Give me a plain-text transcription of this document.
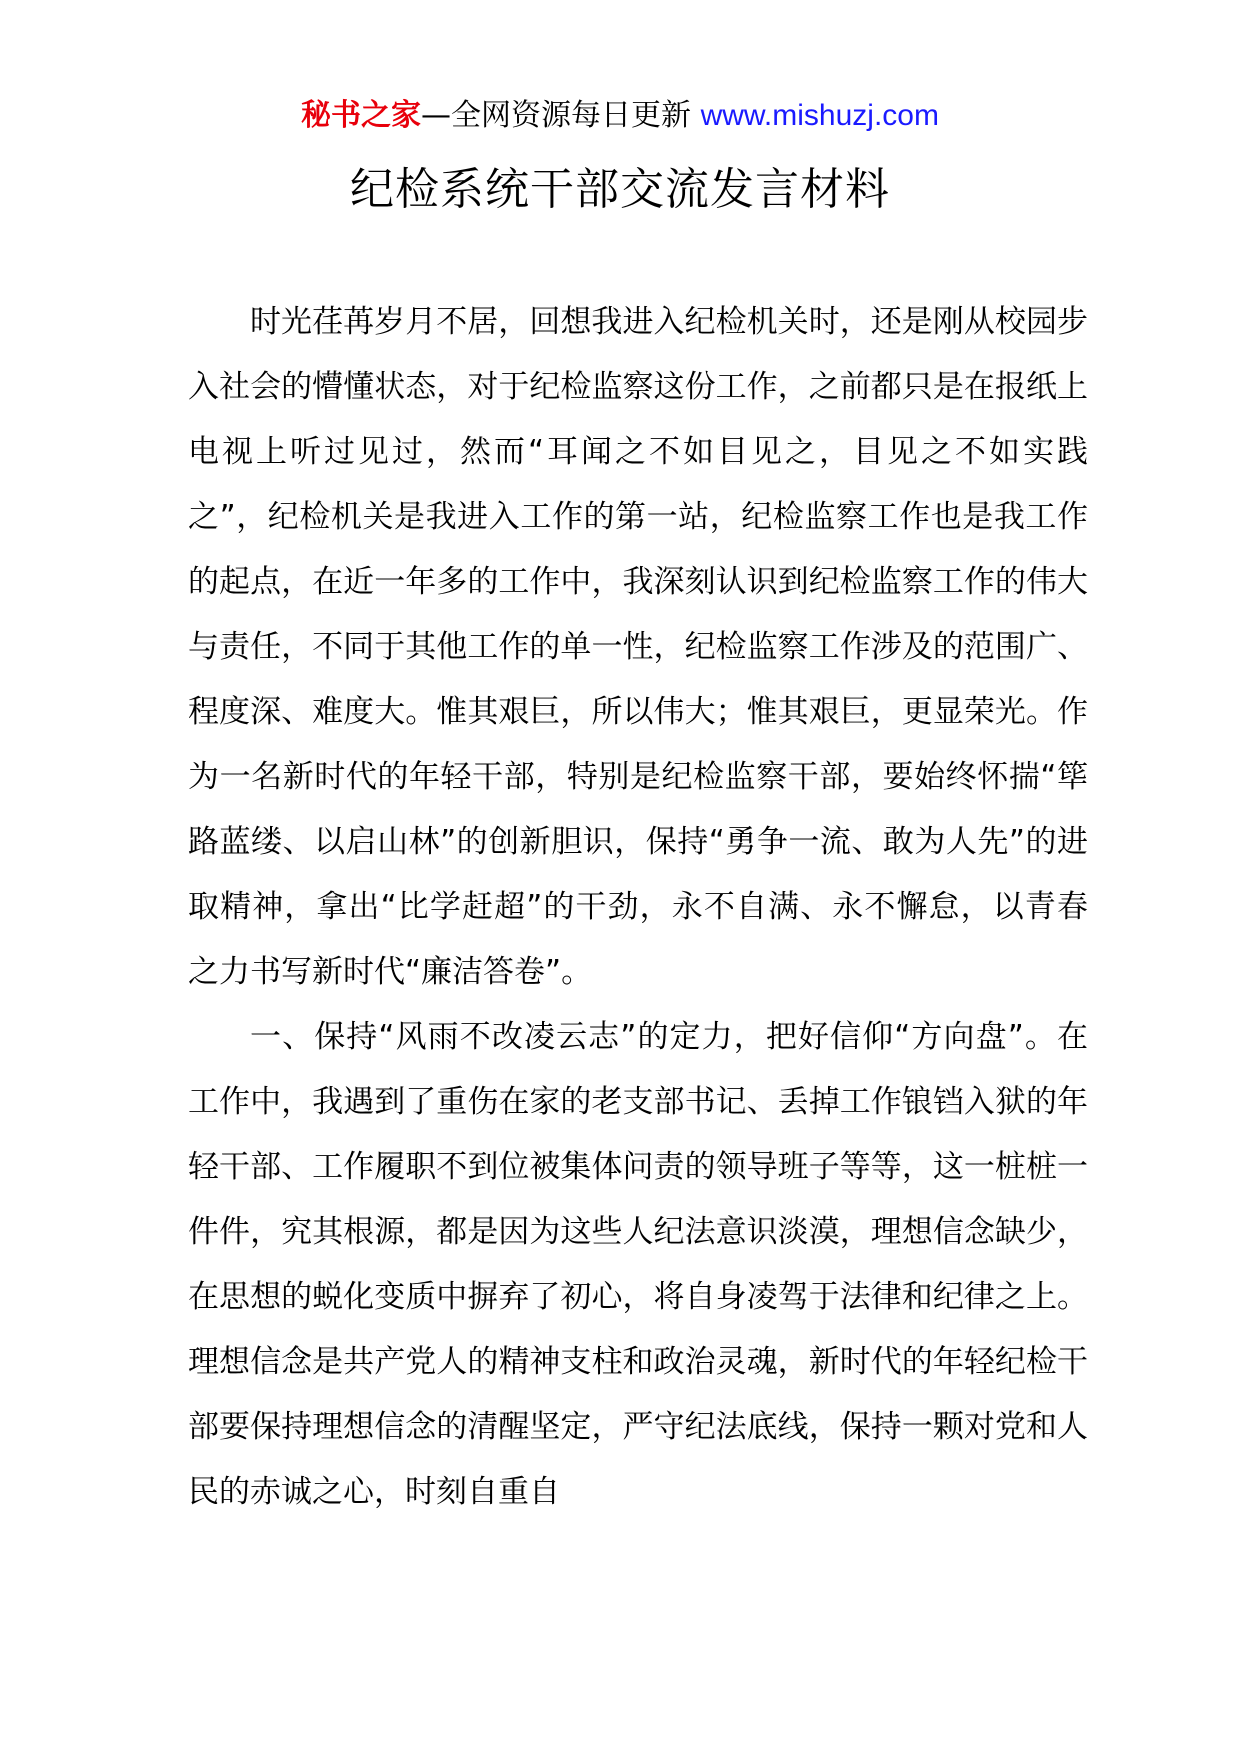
秘书之家—全网资源每日更新 www.mishuzj.com
纪检系统干部交流发言材料

时光荏苒岁月不居，回想我进入纪检机关时，还是刚从校园步入社会的懵懂状态，对于纪检监察这份工作，之前都只是在报纸上电视上听过见过，然而“耳闻之不如目见之，目见之不如实践之”，纪检机关是我进入工作的第一站，纪检监察工作也是我工作的起点，在近一年多的工作中，我深刻认识到纪检监察工作的伟大与责任，不同于其他工作的单一性，纪检监察工作涉及的范围广、程度深、难度大。惟其艰巨，所以伟大；惟其艰巨，更显荣光。作为一名新时代的年轻干部，特别是纪检监察干部，要始终怀揣“筚路蓝缕、以启山林”的创新胆识，保持“勇争一流、敢为人先”的进取精神，拿出“比学赶超”的干劲，永不自满、永不懈怠，以青春之力书写新时代“廉洁答卷”。

一、保持“风雨不改凌云志”的定力，把好信仰“方向盘”。在工作中，我遇到了重伤在家的老支部书记、丢掉工作锒铛入狱的年轻干部、工作履职不到位被集体问责的领导班子等等，这一桩桩一件件，究其根源，都是因为这些人纪法意识淡漠，理想信念缺少，在思想的蜕化变质中摒弃了初心，将自身凌驾于法律和纪律之上。理想信念是共产党人的精神支柱和政治灵魂，新时代的年轻纪检干部要保持理想信念的清醒坚定，严守纪法底线，保持一颗对党和人民的赤诚之心，时刻自重自
